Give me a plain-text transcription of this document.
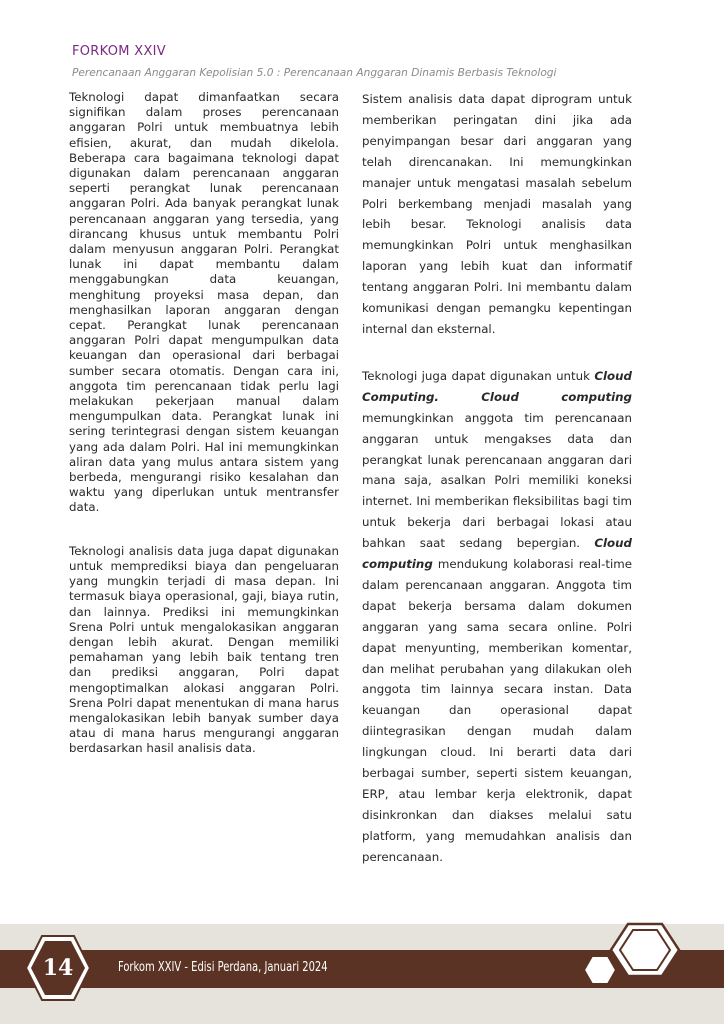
FORKOM XXIV
Perencanaan Anggaran Kepolisian 5.0 : Perencanaan Anggaran Dinamis Berbasis Teknologi

Teknologi dapat dimanfaatkan secara signifikan dalam proses perencanaan anggaran Polri untuk membuatnya lebih efisien, akurat, dan mudah dikelola. Beberapa cara bagaimana teknologi dapat digunakan dalam perencanaan anggaran seperti perangkat lunak perencanaan anggaran Polri. Ada banyak perangkat lunak perencanaan anggaran yang tersedia, yang dirancang khusus untuk membantu Polri dalam menyusun anggaran Polri. Perangkat lunak ini dapat membantu dalam menggabungkan data keuangan, menghitung proyeksi masa depan, dan menghasilkan laporan anggaran dengan cepat. Perangkat lunak perencanaan anggaran Polri dapat mengumpulkan data keuangan dan operasional dari berbagai sumber secara otomatis. Dengan cara ini, anggota tim perencanaan tidak perlu lagi melakukan pekerjaan manual dalam mengumpulkan data. Perangkat lunak ini sering terintegrasi dengan sistem keuangan yang ada dalam Polri. Hal ini memungkinkan aliran data yang mulus antara sistem yang berbeda, mengurangi risiko kesalahan dan waktu yang diperlukan untuk mentransfer data.

Teknologi analisis data juga dapat digunakan untuk memprediksi biaya dan pengeluaran yang mungkin terjadi di masa depan. Ini termasuk biaya operasional, gaji, biaya rutin, dan lainnya. Prediksi ini memungkinkan Srena Polri untuk mengalokasikan anggaran dengan lebih akurat. Dengan memiliki pemahaman yang lebih baik tentang tren dan prediksi anggaran, Polri dapat mengoptimalkan alokasi anggaran Polri. Srena Polri dapat menentukan di mana harus mengalokasikan lebih banyak sumber daya atau di mana harus mengurangi anggaran berdasarkan hasil analisis data.

Sistem analisis data dapat diprogram untuk memberikan peringatan dini jika ada penyimpangan besar dari anggaran yang telah direncanakan. Ini memungkinkan manajer untuk mengatasi masalah sebelum Polri berkembang menjadi masalah yang lebih besar. Teknologi analisis data memungkinkan Polri untuk menghasilkan laporan yang lebih kuat dan informatif tentang anggaran Polri. Ini membantu dalam komunikasi dengan pemangku kepentingan internal dan eksternal.

Teknologi juga dapat digunakan untuk Cloud Computing. Cloud computing memungkinkan anggota tim perencanaan anggaran untuk mengakses data dan perangkat lunak perencanaan anggaran dari mana saja, asalkan Polri memiliki koneksi internet. Ini memberikan fleksibilitas bagi tim untuk bekerja dari berbagai lokasi atau bahkan saat sedang bepergian. Cloud computing mendukung kolaborasi real-time dalam perencanaan anggaran. Anggota tim dapat bekerja bersama dalam dokumen anggaran yang sama secara online. Polri dapat menyunting, memberikan komentar, dan melihat perubahan yang dilakukan oleh anggota tim lainnya secara instan. Data keuangan dan operasional dapat diintegrasikan dengan mudah dalam lingkungan cloud. Ini berarti data dari berbagai sumber, seperti sistem keuangan, ERP, atau lembar kerja elektronik, dapat disinkronkan dan diakses melalui satu platform, yang memudahkan analisis dan perencanaan.

14	Forkom XXIV - Edisi Perdana, Januari 2024
